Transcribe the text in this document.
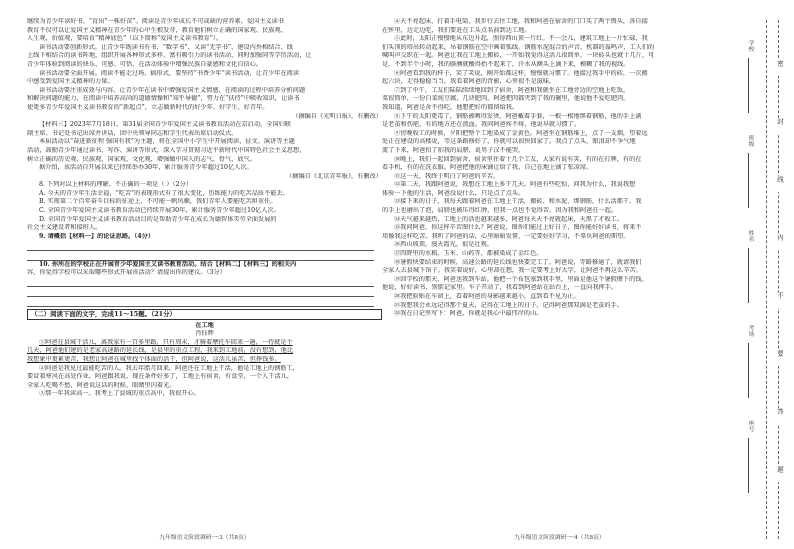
继续为青少年读好书、“育出”一株好苗”。阅读是青少年成长不可或缺的营养素。爱国主义读书
教育不仅可以让爱国主义精神在青少年的心中生根发芽，教育他们树立正确的国家观、民族观、
人生观、价值观，要培育“精神底色”（以下简称“爱国主义读书教育”）。
读书活动要创新形式。让青少年既读书有书、“数字书”、又读“无字书”，建设内外相结合、线
上线下相结合的读书阵地，组织开展各种形式多样、富有吸引力的读书活动，同时加强同等学历活动，让
青少年体验到阅读的快乐、可感、可悟、在活动体验中增强民族自豪感和文化自信心。
读书活动要全面开展。阅读不能走过场、搞形式，要坚持“书香少年”读书活动，让青少年在阅读
中感受到爱国主义精神的力量。
读书活动要注重成效与内容。让青少年在读书中增强爱国主义情感，在阅读的过程中培养分析问题
和解决问题的能力，在阅读中培养高尚的道德情操和“知乎导德”，努力在“扶持”中吸收知识，让读书
使更多青少年爱国主义读书教育的“新起点”，立志做新时代的好少年、好学生、好青年。
（摘编自《光明日报》，有删改）
【材料三】2023年7月18日，第31届全国青少年爱国主义读书教育活动在京启动。全国妇联
副主席、书记处书记出席并讲话，团中央领导同志和学生代表出席启动仪式。
本届活动以“奋进新征程 强国有我”为主题，将在全国中小学生中开展阅读、征文、演讲等主题
活动，鼓励青少年通过读书、写作、演讲等形式，深入学习贯彻习近平新时代中国特色社会主义思想，
树立正确的历史观、民族观、国家观、文化观，增强做中国人的志气、骨气、底气。
据介绍，该活动自开展以来已持续举办30年，累计服务青少年超过10亿人次。
（摘编自《北京青年报》，有删改）
8. 下列对以上材料的理解，不正确的一项是（ ）（2分）
A. 今天的青少年生活幸福，“吃苦”的表现形式有了很大变化，历练能力的吃苦品质不能丢。
B. 实现第二个百年奋斗目标的征途上，不可能一帆风顺，我们青年人要能吃苦担重任。
C. 全国青少年爱国主义读书教育活动已持续开展30年，累计服务青少年超过10亿人次。
D. 全国青少年爱国主义读书教育活动目的是帮助青少年在成长为德智体美劳全面发展的
社会主义建设者和接班人。
9. 请概括【材料一】的论证思路。（4分）
10. 你所在的学校正在开展青少年爱国主义读书教育活动。结合【材料二】【材料三】的相关内
容，你觉得学校可以采取哪些形式开展该活动？请提出你的建议。（3分）
（二）阅读下面的文字，完成11～15题。（21分）
在工地
肖钰辉
①阿爸在县城干活儿，离我家有一百多里路，只有周末，才骑着摩托车回来一趟，一待就是个
几天，阿爸他们建的是老家高速路的延长线，是县里的重点工程，我来到工地前，没有想到，他比
我想象中更累更苦，我想让阿爸在城里找个体面的活干，但阿爸说，这活儿虽苦，但挣钱多。
②阿爸是我见过最能吃苦的人。我去年腊月回来，阿爸还在工地上干活，他是工地上的钢筋工，
要冒着寒风在高处作业，阿爸跟我说，现在条件好多了，工地上有宿舍，有食堂，一个人干活儿，
全家人吃喝不愁，阿爸说这话的时候，眼睛里闪着光。
③那一年我读高一。我考上了县城的重点高中，我很开心。
九年级语文阶段调研一·3（共8页）
④天不亮起床，打着手电筒，我步行去往工地，我和阿爸在宿舍的门口买了两个馒头，各自揣
在怀里，边走边吃，我们要赶在工头点名前到达工地。
⑤此时，太阳正慢慢地从东边升起，照得西山顶一片红。不一会儿，建筑工地上一片忙碌，我
们头顶的塔吊转动起来，吊着钢筋在空中画着弧线。钢筋水泥混合的声音、机器的轰鸣声、工人们的
喊叫声交织在一起。阿爸让我在工地上搬砖，一开始我觉得这活儿很简单，一块砖头也就十几斤，可
是，不到半个小时，我的胳膊就酸得抬不起来了，汗水从额头上滴下来，模糊了我的视线。
⑥阿爸看到我的样子，笑了笑说，刚开始都这样，慢慢就习惯了。他接过我手中的砖，一次搬
起六块，走得稳稳当当，我看着阿爸的背影，心里很不是滋味。
⑦到了中午，工友们陆陆续续地回到了宿舍，阿爸和我就坐在工地旁边的空地上吃饭。
菜很简单，一份白菜炖豆腐，几块肥肉，阿爸把肉都夹到了我的碗里，他说他不爱吃肥肉。
我知道，阿爸是舍不得吃，他想把好的都留给我。
⑧下午的太阳更毒了，钢筋被晒得发烫，阿爸戴着手套，一根一根地绑着钢筋，他的手上满
是老茧和伤疤，有的地方还在流血。我问阿爸疼不疼，他说早就习惯了。
⑨傍晚收工的时候，夕阳把整个工地染成了金黄色。阿爸坐在钢筋堆上，点了一支烟，望着远
处正在建设的高楼说，等这条路修好了，你就可以很快回家了。我点了点头，眼泪却不争气地
流了下来，阿爸拍了拍我的肩膀，说男子汉不能哭。
⑩晚上，我们一起回到宿舍，宿舍里住着十几个工友，大家有说有笑，有的在打牌，有的在
看手机，有的在洗衣服。阿爸把他的床铺让给了我，自己在地上铺了张凉席。
⑪这一天，我终于明白了阿爸的辛苦。
⑫第二天，我跟阿爸说，我想在工地上多干几天。阿爸有些吃惊，问我为什么，我说我想
体验一下他的生活，阿爸没说什么，只是点了点头。
⑬接下来的日子，我每天跟着阿爸在工地上干活，搬砖、和水泥、绑钢筋，什么活都干。我
的手上也磨出了泡，肩膀也被压得红肿，但我一点也不觉得苦，因为我和阿爸在一起。
⑭天气越来越热，工地上的活也越来越多，阿爸每天天不亮就起床，天黑了才收工。
⑮我问阿爸，你这样辛苦图什么？阿爸说，图你们能过上好日子，图你能好好读书，将来不
用像我这样吃苦。我听了阿爸的话，心里暗暗发誓，一定要好好学习，不辜负阿爸的期望。
⑯西山坡顶，漫天霞光，很是壮观。
⑰四野里的水稻、玉米、山药等，都被染成了金红色。
⑱暑假快要结束的时候，高速公路的延长线也快要完工了。阿爸说，等路修通了，就请我们
全家人去县城下馆子。我笑着说好，心里却在想，我一定要考上好大学，让阿爸不再这么辛苦。
⑲回学校的那天，阿爸送我到车站。他把一个布包塞到我手里，里面是他这个暑假攒下的钱。
他说，好好读书，别惦记家里。车子开动了，我看到阿爸站在站台上，一直向我挥手。
⑳我把脸贴在车窗上，看着阿爸的身影越来越小，直到看不见为止。
㉑我想我会永远记得那个夏天，记得在工地上的日子，记得阿爸那双满是老茧的手。
㉒我在日记里写下：阿爸，你就是我心中最伟岸的山。
九年级语文阶段调研一·4（共8页）
学校
班级
姓名
考场
座号
密
封
线
内
不
要
答
题
